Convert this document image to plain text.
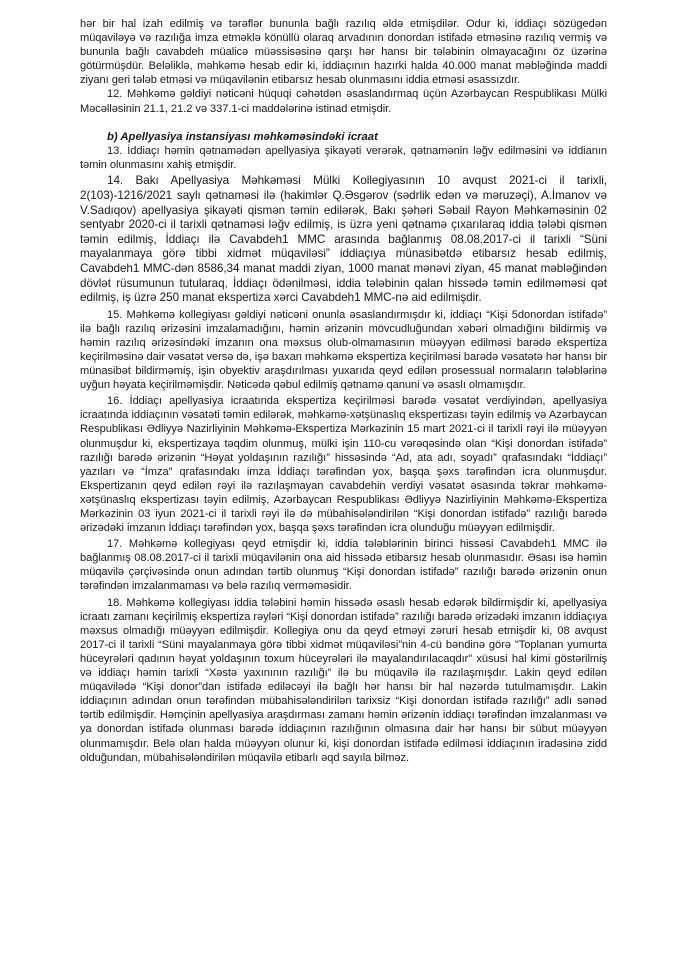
hər bir hal izah edilmiş və tərəflər bununla bağlı razılıq əldə etmişdilər. Odur ki, iddiaçı sözügedən müqaviləyə və razılığa imza etməklə könüllü olaraq arvadının donordan istifadə etməsinə razılıq vermiş və bununla bağlı cavabdeh müalicə müəssisəsinə qarşı hər hansı bir tələbinin olmayacağını öz üzərinə götürmüşdür. Beləliklə, məhkəmə hesab edir ki, iddiaçının hazırki halda 40.000 manat məbləğində maddi ziyanı geri tələb etməsi və müqavilənin etibarsız hesab olunmasını iddia etməsi əsassızdır.

12. Məhkəmə gəldiyi nəticəni hüquqi cəhətdən əsaslandırmaq üçün Azərbaycan Respublikası Mülki Məcəlləsinin 21.1, 21.2 və 337.1-ci maddələrinə istinad etmişdir.

b) Apellyasiya instansiyası məhkəməsindəki icraat

13. İddiaçı həmin qətnamədən apellyasiya şikayəti verərək, qətnamənin ləğv edilməsini və iddianın təmin olunmasını xahiş etmişdir.

14. Bakı Apellyasiya Məhkəməsi Mülki Kollegiyasının 10 avqust 2021-ci il tarixli, 2(103)-1216/2021 saylı qətnaməsi ilə (hakimlər Q.Əsgərov (sədrlik edən və məruzəçi), A.İmanov və V.Sadıqov) apellyasiya şikayəti qismən təmin edilərək, Bakı şəhəri Səbail Rayon Məhkəməsinin 02 sentyabr 2020-ci il tarixli qətnaməsi ləğv edilmiş, is üzrə yeni qətnamə çıxarılaraq iddia tələbi qismən təmin edilmiş, İddiaçı ilə Cavabdeh1 MMC arasında bağlanmış 08.08.2017-ci il tarixli “Süni mayalanmaya görə tibbi xidmət müqaviləsi” iddiaçıya münasibətdə etibarsız hesab edilmiş, Cavabdeh1 MMC-dən 8586,34 manat maddi ziyan, 1000 manat mənəvi ziyan, 45 manat məbləğindən dövlət rüsumunun tutularaq, İddiaçı ödənilməsi, iddia tələbinin qalan hissədə təmin edilməməsi qət edilmiş, iş üzrə 250 manat ekspertiza xərci Cavabdeh1 MMC-nə aid edilmişdir.

15. Məhkəmə kollegiyası gəldiyi nəticəni onunla əsaslandırmışdır ki, iddiaçı “Kişi 5donordan istifadə” ilə bağlı razılıq ərizəsini imzalamadığını, həmin ərizənin mövcudluğundan xəbəri olmadığını bildirmiş və həmin razılıq ərizəsindəki imzanın ona məxsus olub-olmamasının müəyyən edilməsi barədə ekspertiza keçirilməsinə dair vəsatət versə də, işə baxan məhkəmə ekspertiza keçirilməsi barədə vəsatətə hər hansı bir münasibət bildirməmiş, işin obyektiv araşdırılması yuxarıda qeyd edilən prosessual normaların tələblərinə uyğun həyata keçirilməmişdir. Nəticədə qəbul edilmiş qətnamə qanuni və əsaslı olmamışdır.

16. İddiaçı apellyasiya icraatında ekspertiza keçirilməsi barədə vəsatət verdiyindən, apellyasiya icraatında iddiaçının vəsatəti təmin edilərək, məhkəmə-xətşünaslıq ekspertizası təyin edilmiş və Azərbaycan Respublikası Ədliyyə Nazirliyinin Məhkəmə-Ekspertiza Mərkəzinin 15 mart 2021-ci il tarixli rəyi ilə müəyyən olunmuşdur ki, ekspertizaya təqdim olunmuş, mülki işin 110-cu vərəqəsində olan “Kişi donordan istifadə” razılığı barədə ərizənin “Həyat yoldaşının razılığı” hissəsində “Ad, ata adı, soyadı” qrafasındakı “İddiaçı” yazıları və “İmza” qrafasındakı imza İddiaçı tərəfindən yox, başqa şəxs tərəfindən icra olunmuşdur. Ekspertizanın qeyd edilən rəyi ilə razılaşmayan cavabdehin verdiyi vəsatət əsasında təkrar məhkəmə-xətşünaslıq ekspertizası təyin edilmiş, Azərbaycan Respublikası Ədliyyə Nazirliyinin Məhkəmə-Ekspertiza Mərkəzinin 03 iyun 2021-ci il tarixli rəyi ilə də mübahisələndirilən “Kişi donordan istifadə” razılığı barədə ərizədəki imzanın İddiaçı tərəfindən yox, başqa şəxs tərəfindən icra olunduğu müəyyən edilmişdir.

17. Məhkəmə kollegiyası qeyd etmişdir ki, iddia tələblərinin birinci hissəsi Cavabdeh1 MMC ilə bağlanmış 08.08.2017-ci il tarixli müqavilənin ona aid hissədə etibarsız hesab olunmasıdır. Əsası isə həmin müqavilə çərçivəsində onun adından tərtib olunmuş “Kişi donordan istifadə” razılığı barədə ərizənin onun tərəfindən imzalanmaması və belə razılıq verməməsidir.

18. Məhkəmə kollegiyası iddia tələbini həmin hissədə əsaslı hesab edərək bildirmişdir ki, apellyasiya icraatı zamanı keçirilmiş ekspertiza rəyləri “Kişi donordan istifadə” razılığı barədə ərizədəki imzanın iddiaçıya məxsus olmadığı müəyyən edilmişdir. Kollegiya onu da qeyd etməyi zəruri hesab etmişdir ki, 08 avqust 2017-ci il tarixli “Süni mayalanmaya görə tibbi xidmət müqaviləsi”nin 4-cü bəndinə görə "Toplanan yumurta hüceyrələri qadının həyat yoldaşının toxum hüceyrələri ilə mayalandırılacaqdır" xüsusi hal kimi göstərilmiş və iddiaçı həmin tarixli “Xəstə yaxınının razılığı” ilə bu müqavilə ilə razılaşmışdır. Lakin qeyd edilən müqavilədə “Kişi donor”dan istifadə ediləcəyi ilə bağlı hər hansı bir hal nəzərdə tutulmamışdır. Lakin iddiaçının adından onun tərəfindən mübahisələndirilən tarixsiz “Kişi donordan istifadə razılığı” adlı sənəd tərtib edilmişdir. Həmçinin apellyasiya araşdırması zamanı həmin ərizənin iddiaçı tərəfindən imzalanması və ya donordan istifadə olunması barədə iddiaçının razılığının olmasına dair hər hansı bir sübut müəyyən olunmamışdır. Belə olan halda müəyyən olunur ki, kişi donordan istifadə edilməsi iddiaçının iradəsinə zidd olduğundan, mübahisələndirilən müqavilə etibarlı əqd sayıla bilməz.
